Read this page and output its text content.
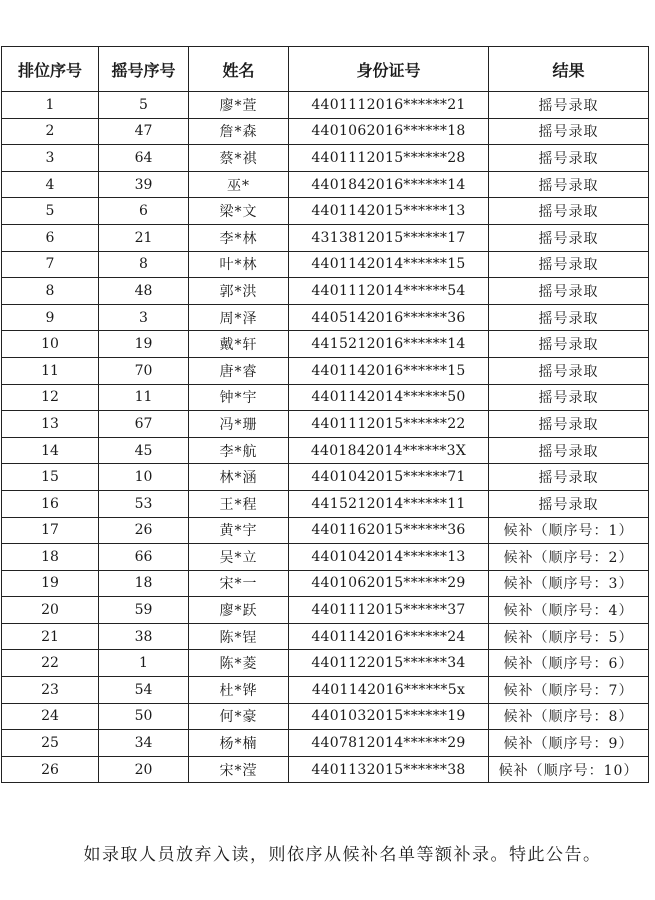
排位序号	摇号序号	姓名	身份证号	结果
1	5	廖*萱	4401112016******21	摇号录取
2	47	詹*森	4401062016******18	摇号录取
3	64	蔡*祺	4401112015******28	摇号录取
4	39	巫*	4401842016******14	摇号录取
5	6	梁*文	4401142015******13	摇号录取
6	21	李*林	4313812015******17	摇号录取
7	8	叶*林	4401142014******15	摇号录取
8	48	郭*洪	4401112014******54	摇号录取
9	3	周*泽	4405142016******36	摇号录取
10	19	戴*轩	4415212016******14	摇号录取
11	70	唐*睿	4401142016******15	摇号录取
12	11	钟*宇	4401142014******50	摇号录取
13	67	冯*珊	4401112015******22	摇号录取
14	45	李*航	4401842014******3X	摇号录取
15	10	林*涵	4401042015******71	摇号录取
16	53	王*程	4415212014******11	摇号录取
17	26	黄*宇	4401162015******36	候补（顺序号：1）
18	66	吴*立	4401042014******13	候补（顺序号：2）
19	18	宋*一	4401062015******29	候补（顺序号：3）
20	59	廖*跃	4401112015******37	候补（顺序号：4）
21	38	陈*锃	4401142016******24	候补（顺序号：5）
22	1	陈*菱	4401122015******34	候补（顺序号：6）
23	54	杜*铧	4401142016******5x	候补（顺序号：7）
24	50	何*豪	4401032015******19	候补（顺序号：8）
25	34	杨*楠	4407812014******29	候补（顺序号：9）
26	20	宋*滢	4401132015******38	候补（顺序号：10）
如录取人员放弃入读，则依序从候补名单等额补录。特此公告。
